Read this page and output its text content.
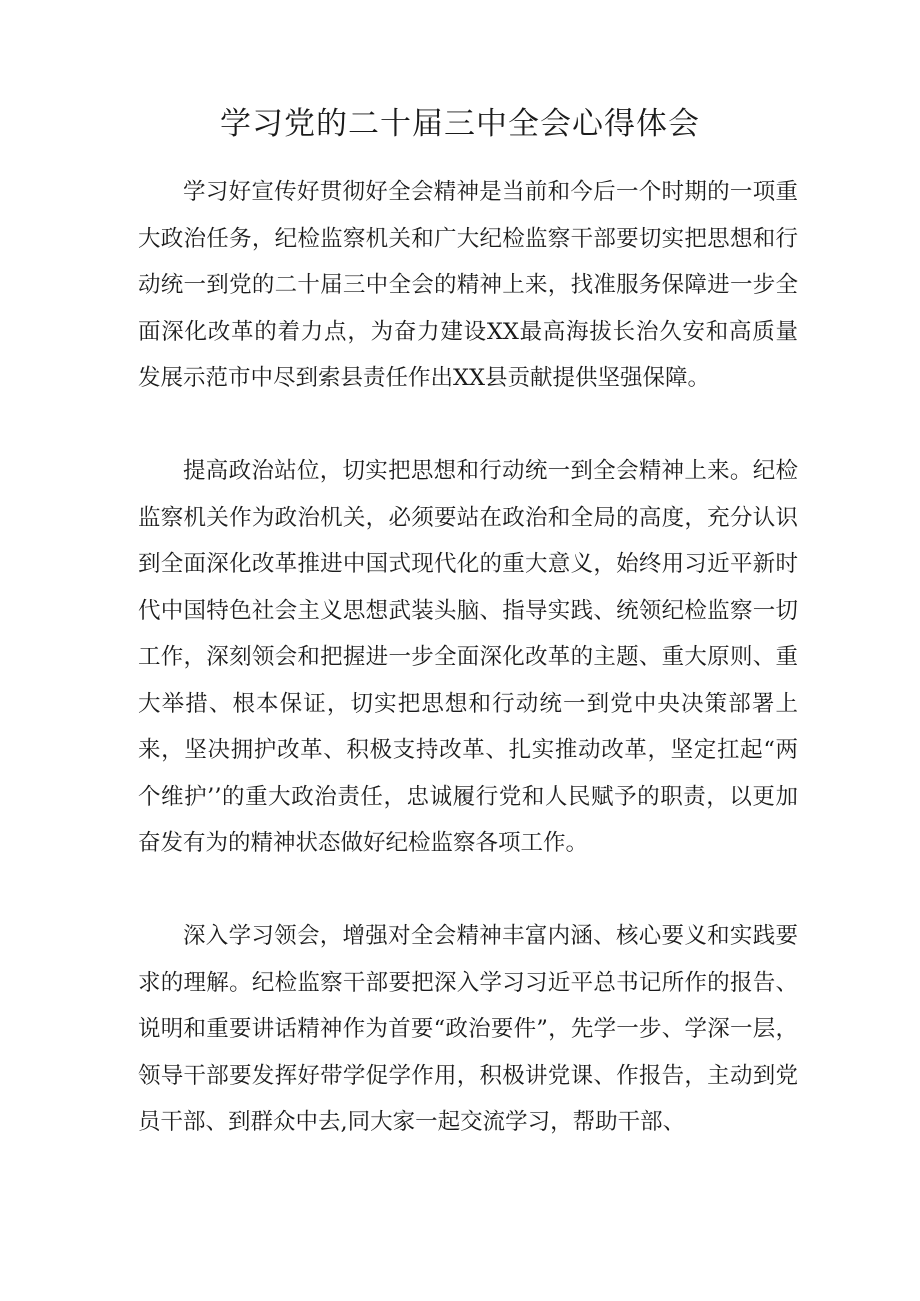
学习党的二十届三中全会心得体会

学习好宣传好贯彻好全会精神是当前和今后一个时期的一项重大政治任务，纪检监察机关和广大纪检监察干部要切实把思想和行动统一到党的二十届三中全会的精神上来，找准服务保障进一步全面深化改革的着力点，为奋力建设XX最高海拔长治久安和高质量发展示范市中尽到索县责任作出XX县贡献提供坚强保障。

提高政治站位，切实把思想和行动统一到全会精神上来。纪检监察机关作为政治机关，必须要站在政治和全局的高度，充分认识到全面深化改革推进中国式现代化的重大意义，始终用习近平新时代中国特色社会主义思想武装头脑、指导实践、统领纪检监察一切工作，深刻领会和把握进一步全面深化改革的主题、重大原则、重大举措、根本保证，切实把思想和行动统一到党中央决策部署上来，坚决拥护改革、积极支持改革、扎实推动改革，坚定扛起“两个维护’’的重大政治责任，忠诚履行党和人民赋予的职责，以更加奋发有为的精神状态做好纪检监察各项工作。

深入学习领会，增强对全会精神丰富内涵、核心要义和实践要求的理解。纪检监察干部要把深入学习习近平总书记所作的报告、说明和重要讲话精神作为首要“政治要件”，先学一步、学深一层，领导干部要发挥好带学促学作用，积极讲党课、作报告，主动到党员干部、到群众中去,同大家一起交流学习，帮助干部、
